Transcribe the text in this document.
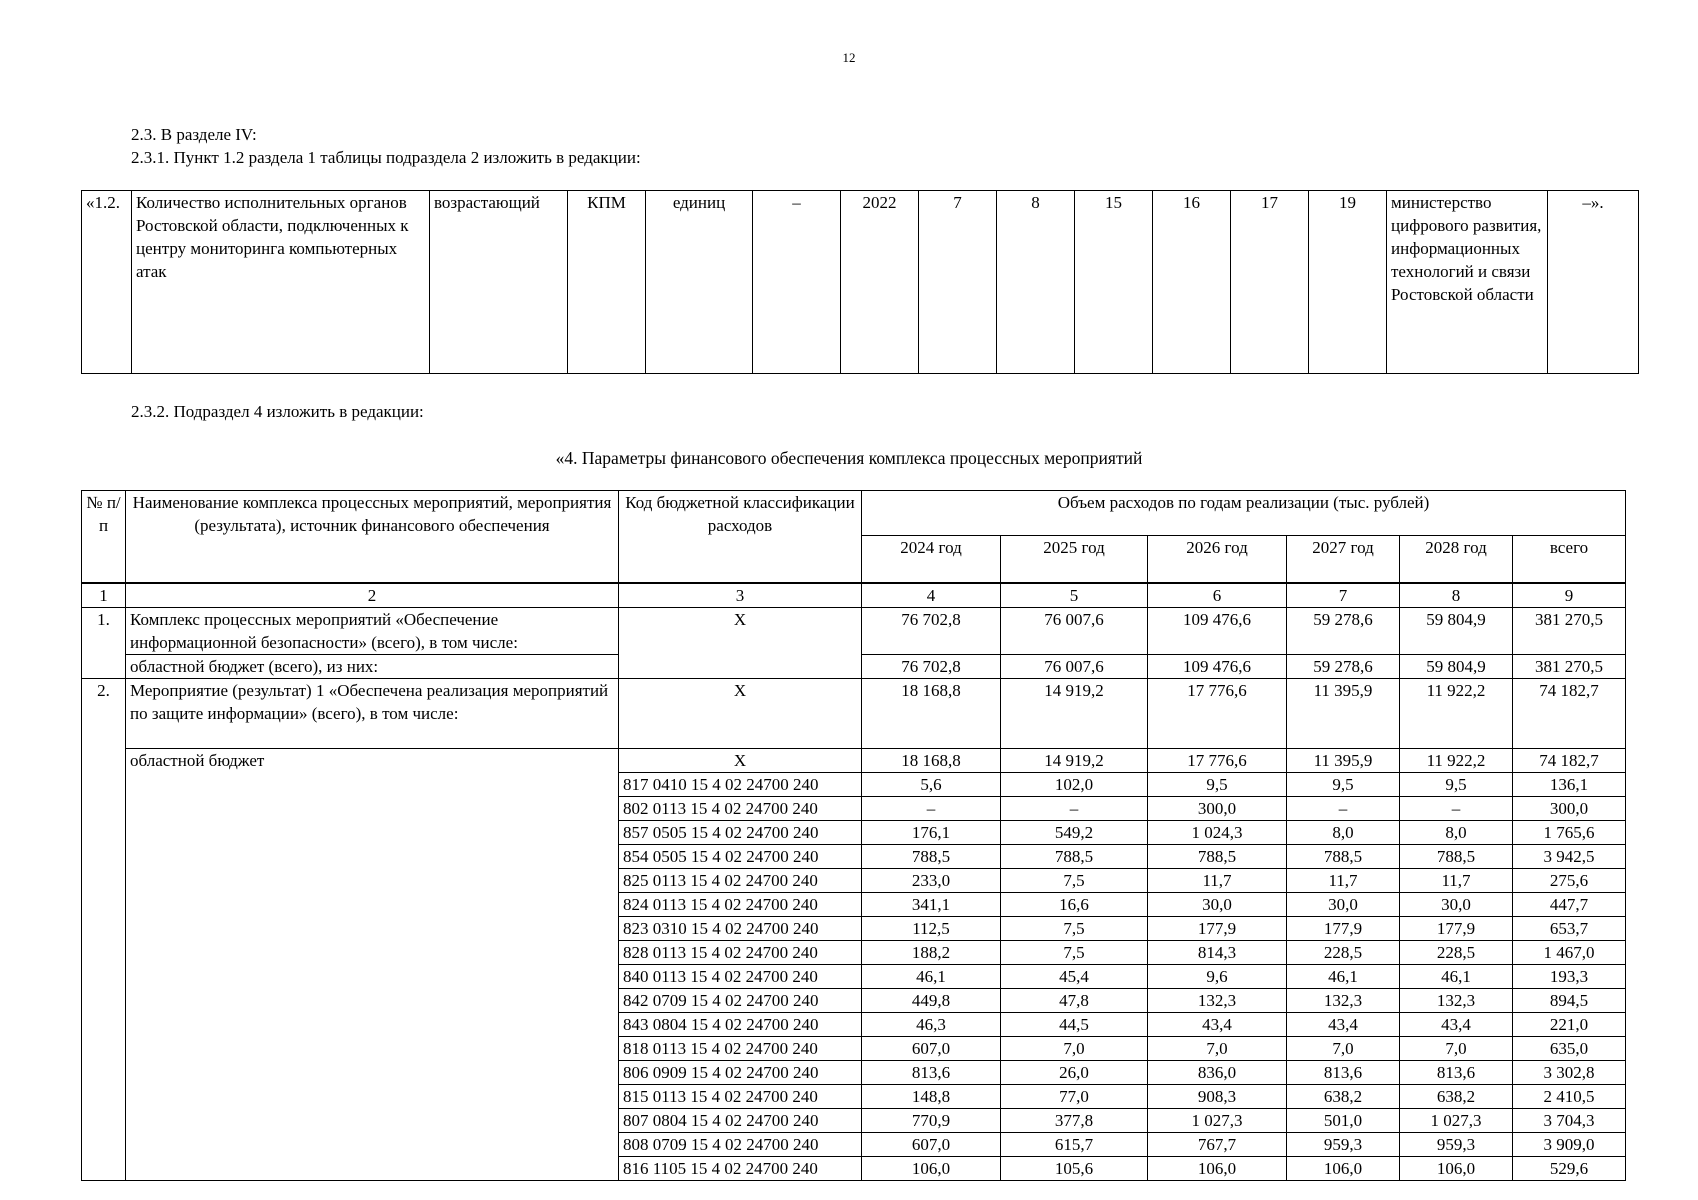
12

2.3. В разделе IV:
2.3.1. Пункт 1.2 раздела 1 таблицы подраздела 2 изложить в редакции:

«1.2.	Количество исполнительных органов Ростовской области, подключенных к центру мониторинга компьютерных атак	возрастающий	КПМ	единиц	–	2022	7	8	15	16	17	19	министерство цифрового развития, информационных технологий и связи Ростовской области	–».

2.3.2. Подраздел 4 изложить в редакции:

«4. Параметры финансового обеспечения комплекса процессных мероприятий
№ п/п	Наименование комплекса процессных мероприятий, мероприятия (результата), источник финансового обеспечения	Код бюджетной классификации расходов	Объем расходов по годам реализации (тыс. рублей)					
			2024 год	2025 год	2026 год	2027 год	2028 год	всего
1	2	3	4	5	6	7	8	9
1.	Комплекс процессных мероприятий «Обеспечение информационной безопасности» (всего), в том числе:	X	76 702,8	76 007,6	109 476,6	59 278,6	59 804,9	381 270,5
	областной бюджет (всего), из них:		76 702,8	76 007,6	109 476,6	59 278,6	59 804,9	381 270,5
2.	Мероприятие (результат) 1 «Обеспечена реализация мероприятий по защите информации» (всего), в том числе:	X	18 168,8	14 919,2	17 776,6	11 395,9	11 922,2	74 182,7
	областной бюджет	X	18 168,8	14 919,2	17 776,6	11 395,9	11 922,2	74 182,7
		817 0410 15 4 02 24700 240	5,6	102,0	9,5	9,5	9,5	136,1
		802 0113 15 4 02 24700 240	–	–	300,0	–	–	300,0
		857 0505 15 4 02 24700 240	176,1	549,2	1 024,3	8,0	8,0	1 765,6
		854 0505 15 4 02 24700 240	788,5	788,5	788,5	788,5	788,5	3 942,5
		825 0113 15 4 02 24700 240	233,0	7,5	11,7	11,7	11,7	275,6
		824 0113 15 4 02 24700 240	341,1	16,6	30,0	30,0	30,0	447,7
		823 0310 15 4 02 24700 240	112,5	7,5	177,9	177,9	177,9	653,7
		828 0113 15 4 02 24700 240	188,2	7,5	814,3	228,5	228,5	1 467,0
		840 0113 15 4 02 24700 240	46,1	45,4	9,6	46,1	46,1	193,3
		842 0709 15 4 02 24700 240	449,8	47,8	132,3	132,3	132,3	894,5
		843 0804 15 4 02 24700 240	46,3	44,5	43,4	43,4	43,4	221,0
		818 0113 15 4 02 24700 240	607,0	7,0	7,0	7,0	7,0	635,0
		806 0909 15 4 02 24700 240	813,6	26,0	836,0	813,6	813,6	3 302,8
		815 0113 15 4 02 24700 240	148,8	77,0	908,3	638,2	638,2	2 410,5
		807 0804 15 4 02 24700 240	770,9	377,8	1 027,3	501,0	1 027,3	3 704,3
		808 0709 15 4 02 24700 240	607,0	615,7	767,7	959,3	959,3	3 909,0
		816 1105 15 4 02 24700 240	106,0	105,6	106,0	106,0	106,0	529,6
